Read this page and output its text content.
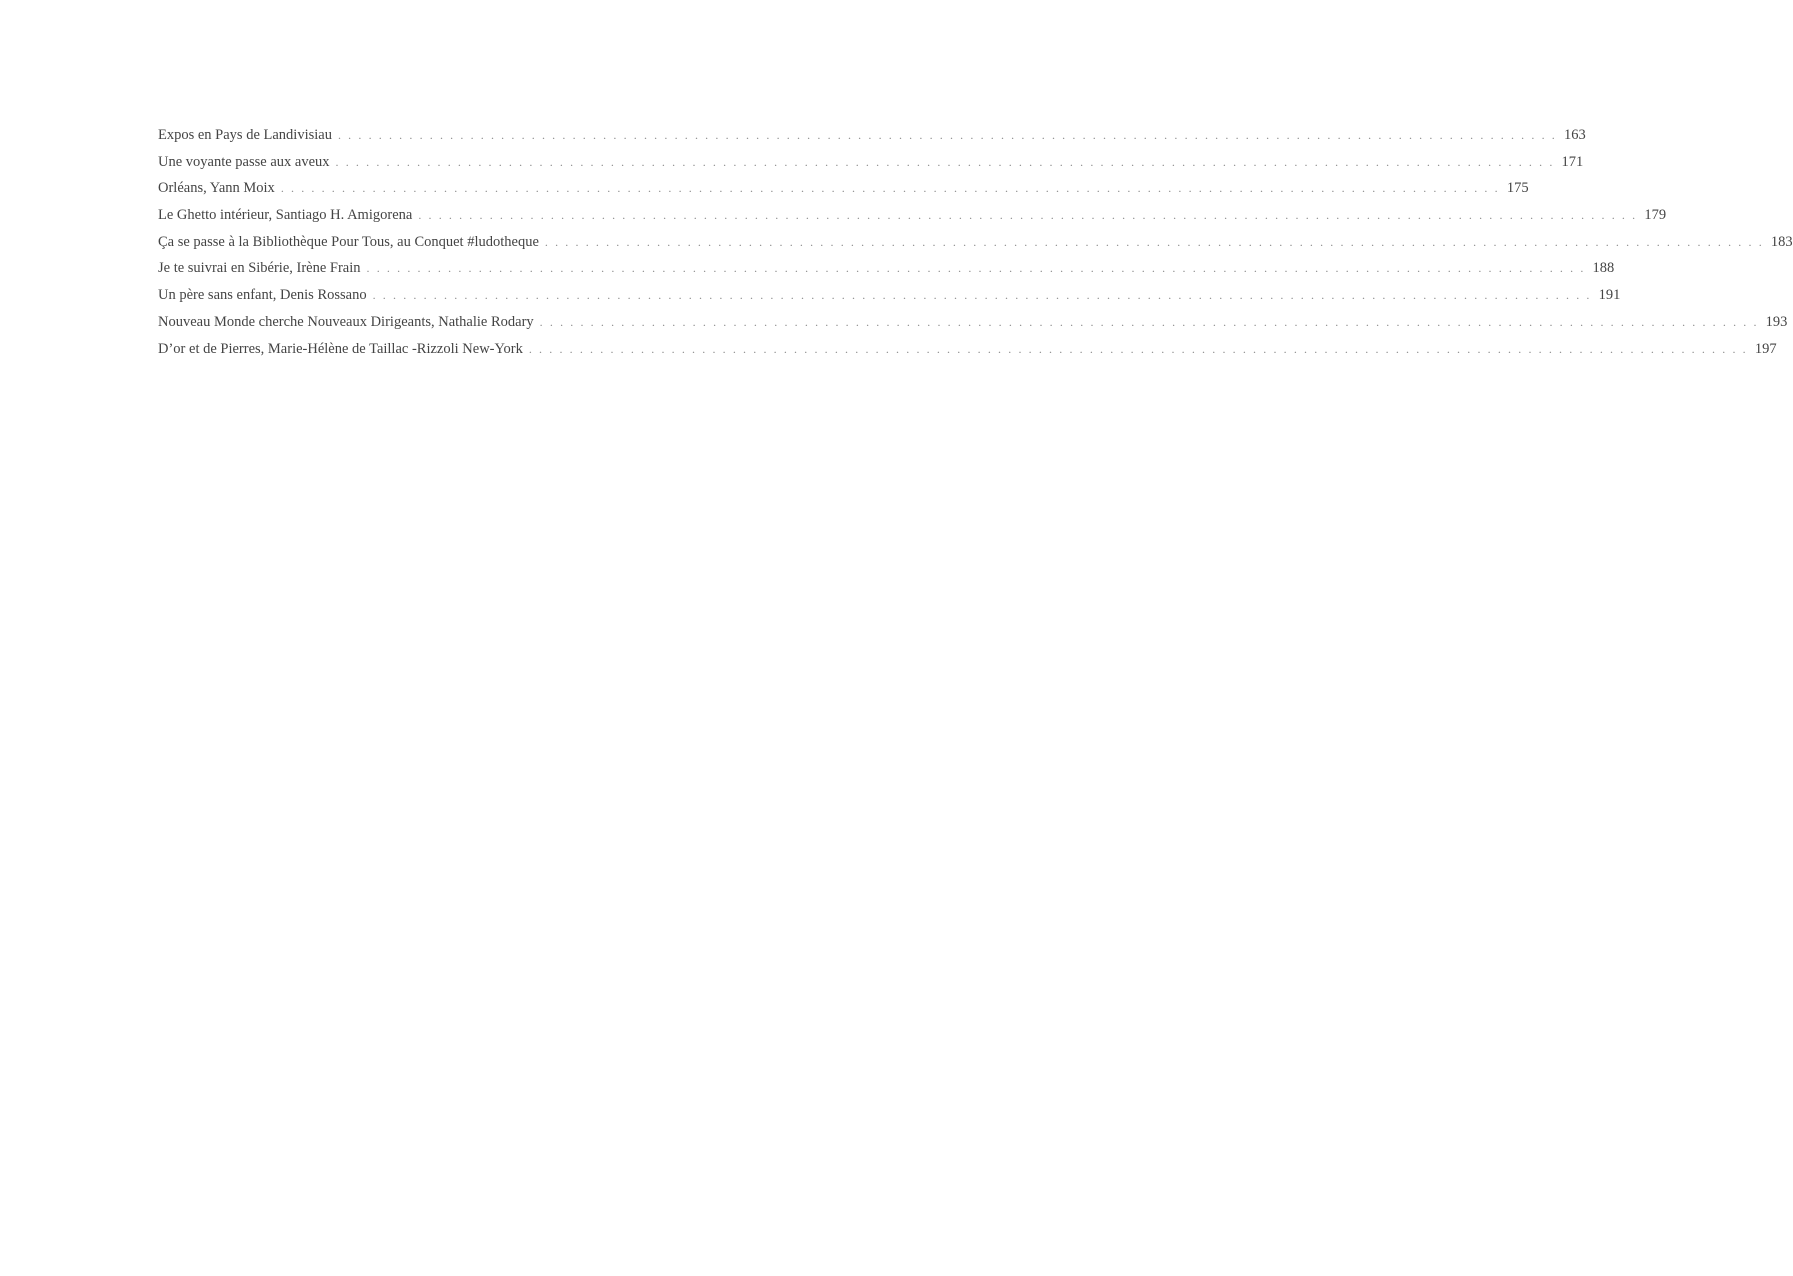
Expos en Pays de Landivisiau ........................................................................................................................ 163
Une voyante passe aux aveux ........................................................................................................................ 171
Orléans, Yann Moix ........................................................................................................................ 175
Le Ghetto intérieur, Santiago H. Amigorena ........................................................................................................................ 179
Ça se passe à la Bibliothèque Pour Tous, au Conquet #ludotheque ........................................................................................................................ 183
Je te suivrai en Sibérie, Irène Frain ........................................................................................................................ 188
Un père sans enfant, Denis Rossano ........................................................................................................................ 191
Nouveau Monde cherche Nouveaux Dirigeants, Nathalie Rodary ........................................................................................................................ 193
D’or et de Pierres, Marie-Hélène de Taillac -Rizzoli New-York ........................................................................................................................ 197
